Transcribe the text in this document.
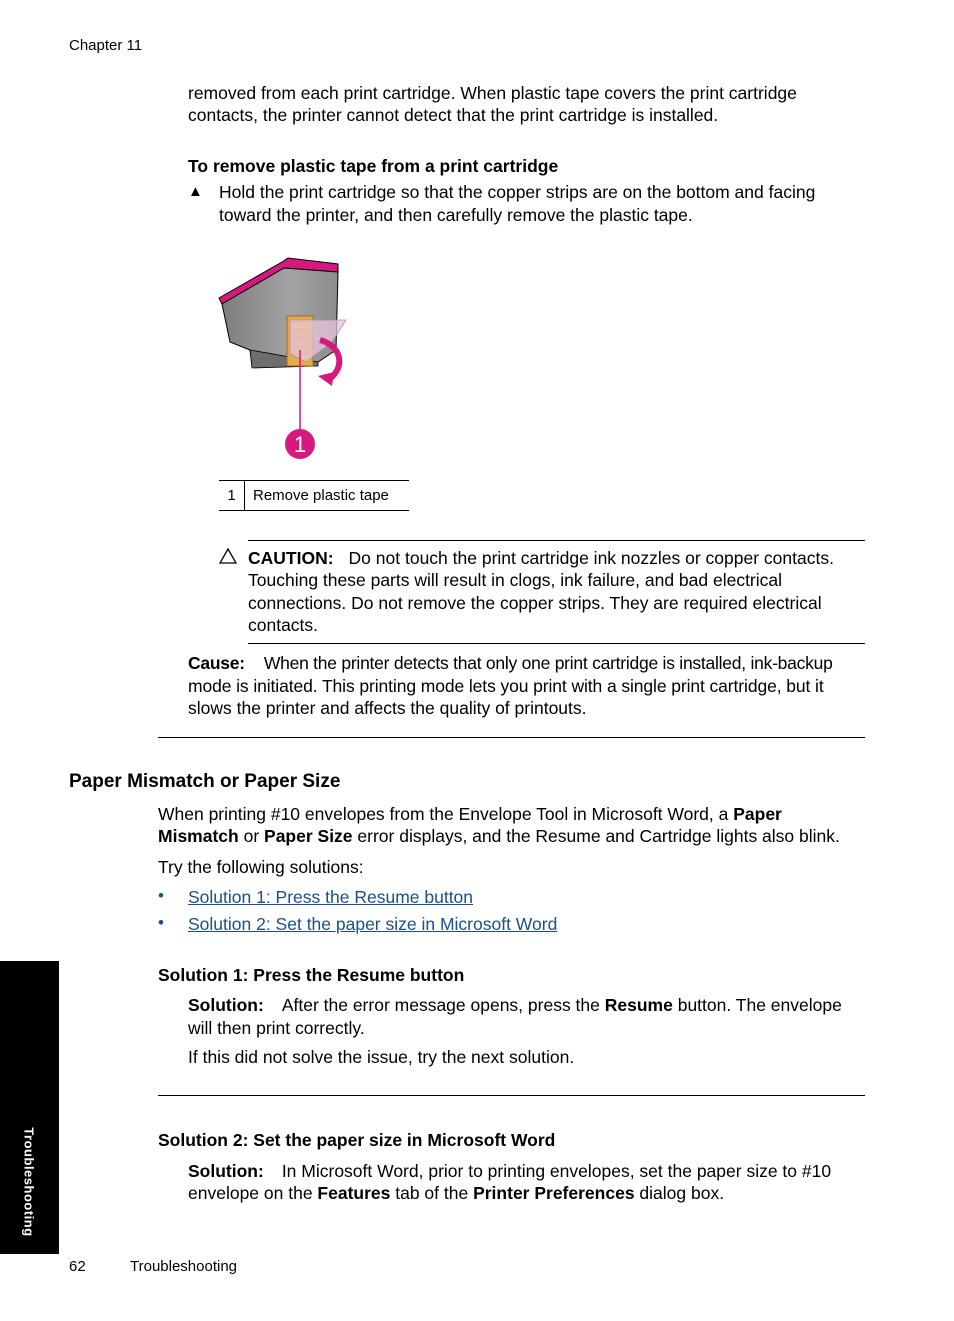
Chapter 11
removed from each print cartridge. When plastic tape covers the print cartridge
contacts, the printer cannot detect that the print cartridge is installed.
To remove plastic tape from a print cartridge
▲ Hold the print cartridge so that the copper strips are on the bottom and facing
toward the printer, and then carefully remove the plastic tape.
1
1	Remove plastic tape
CAUTION: Do not touch the print cartridge ink nozzles or copper contacts.
Touching these parts will result in clogs, ink failure, and bad electrical
connections. Do not remove the copper strips. They are required electrical
contacts.
Cause: When the printer detects that only one print cartridge is installed, ink-backup
mode is initiated. This printing mode lets you print with a single print cartridge, but it
slows the printer and affects the quality of printouts.
Paper Mismatch or Paper Size
When printing #10 envelopes from the Envelope Tool in Microsoft Word, a Paper
Mismatch or Paper Size error displays, and the Resume and Cartridge lights also blink.
Try the following solutions:
• Solution 1: Press the Resume button
• Solution 2: Set the paper size in Microsoft Word
Solution 1: Press the Resume button
Solution: After the error message opens, press the Resume button. The envelope
will then print correctly.
If this did not solve the issue, try the next solution.
Solution 2: Set the paper size in Microsoft Word
Solution: In Microsoft Word, prior to printing envelopes, set the paper size to #10
envelope on the Features tab of the Printer Preferences dialog box.
Troubleshooting
62	Troubleshooting
